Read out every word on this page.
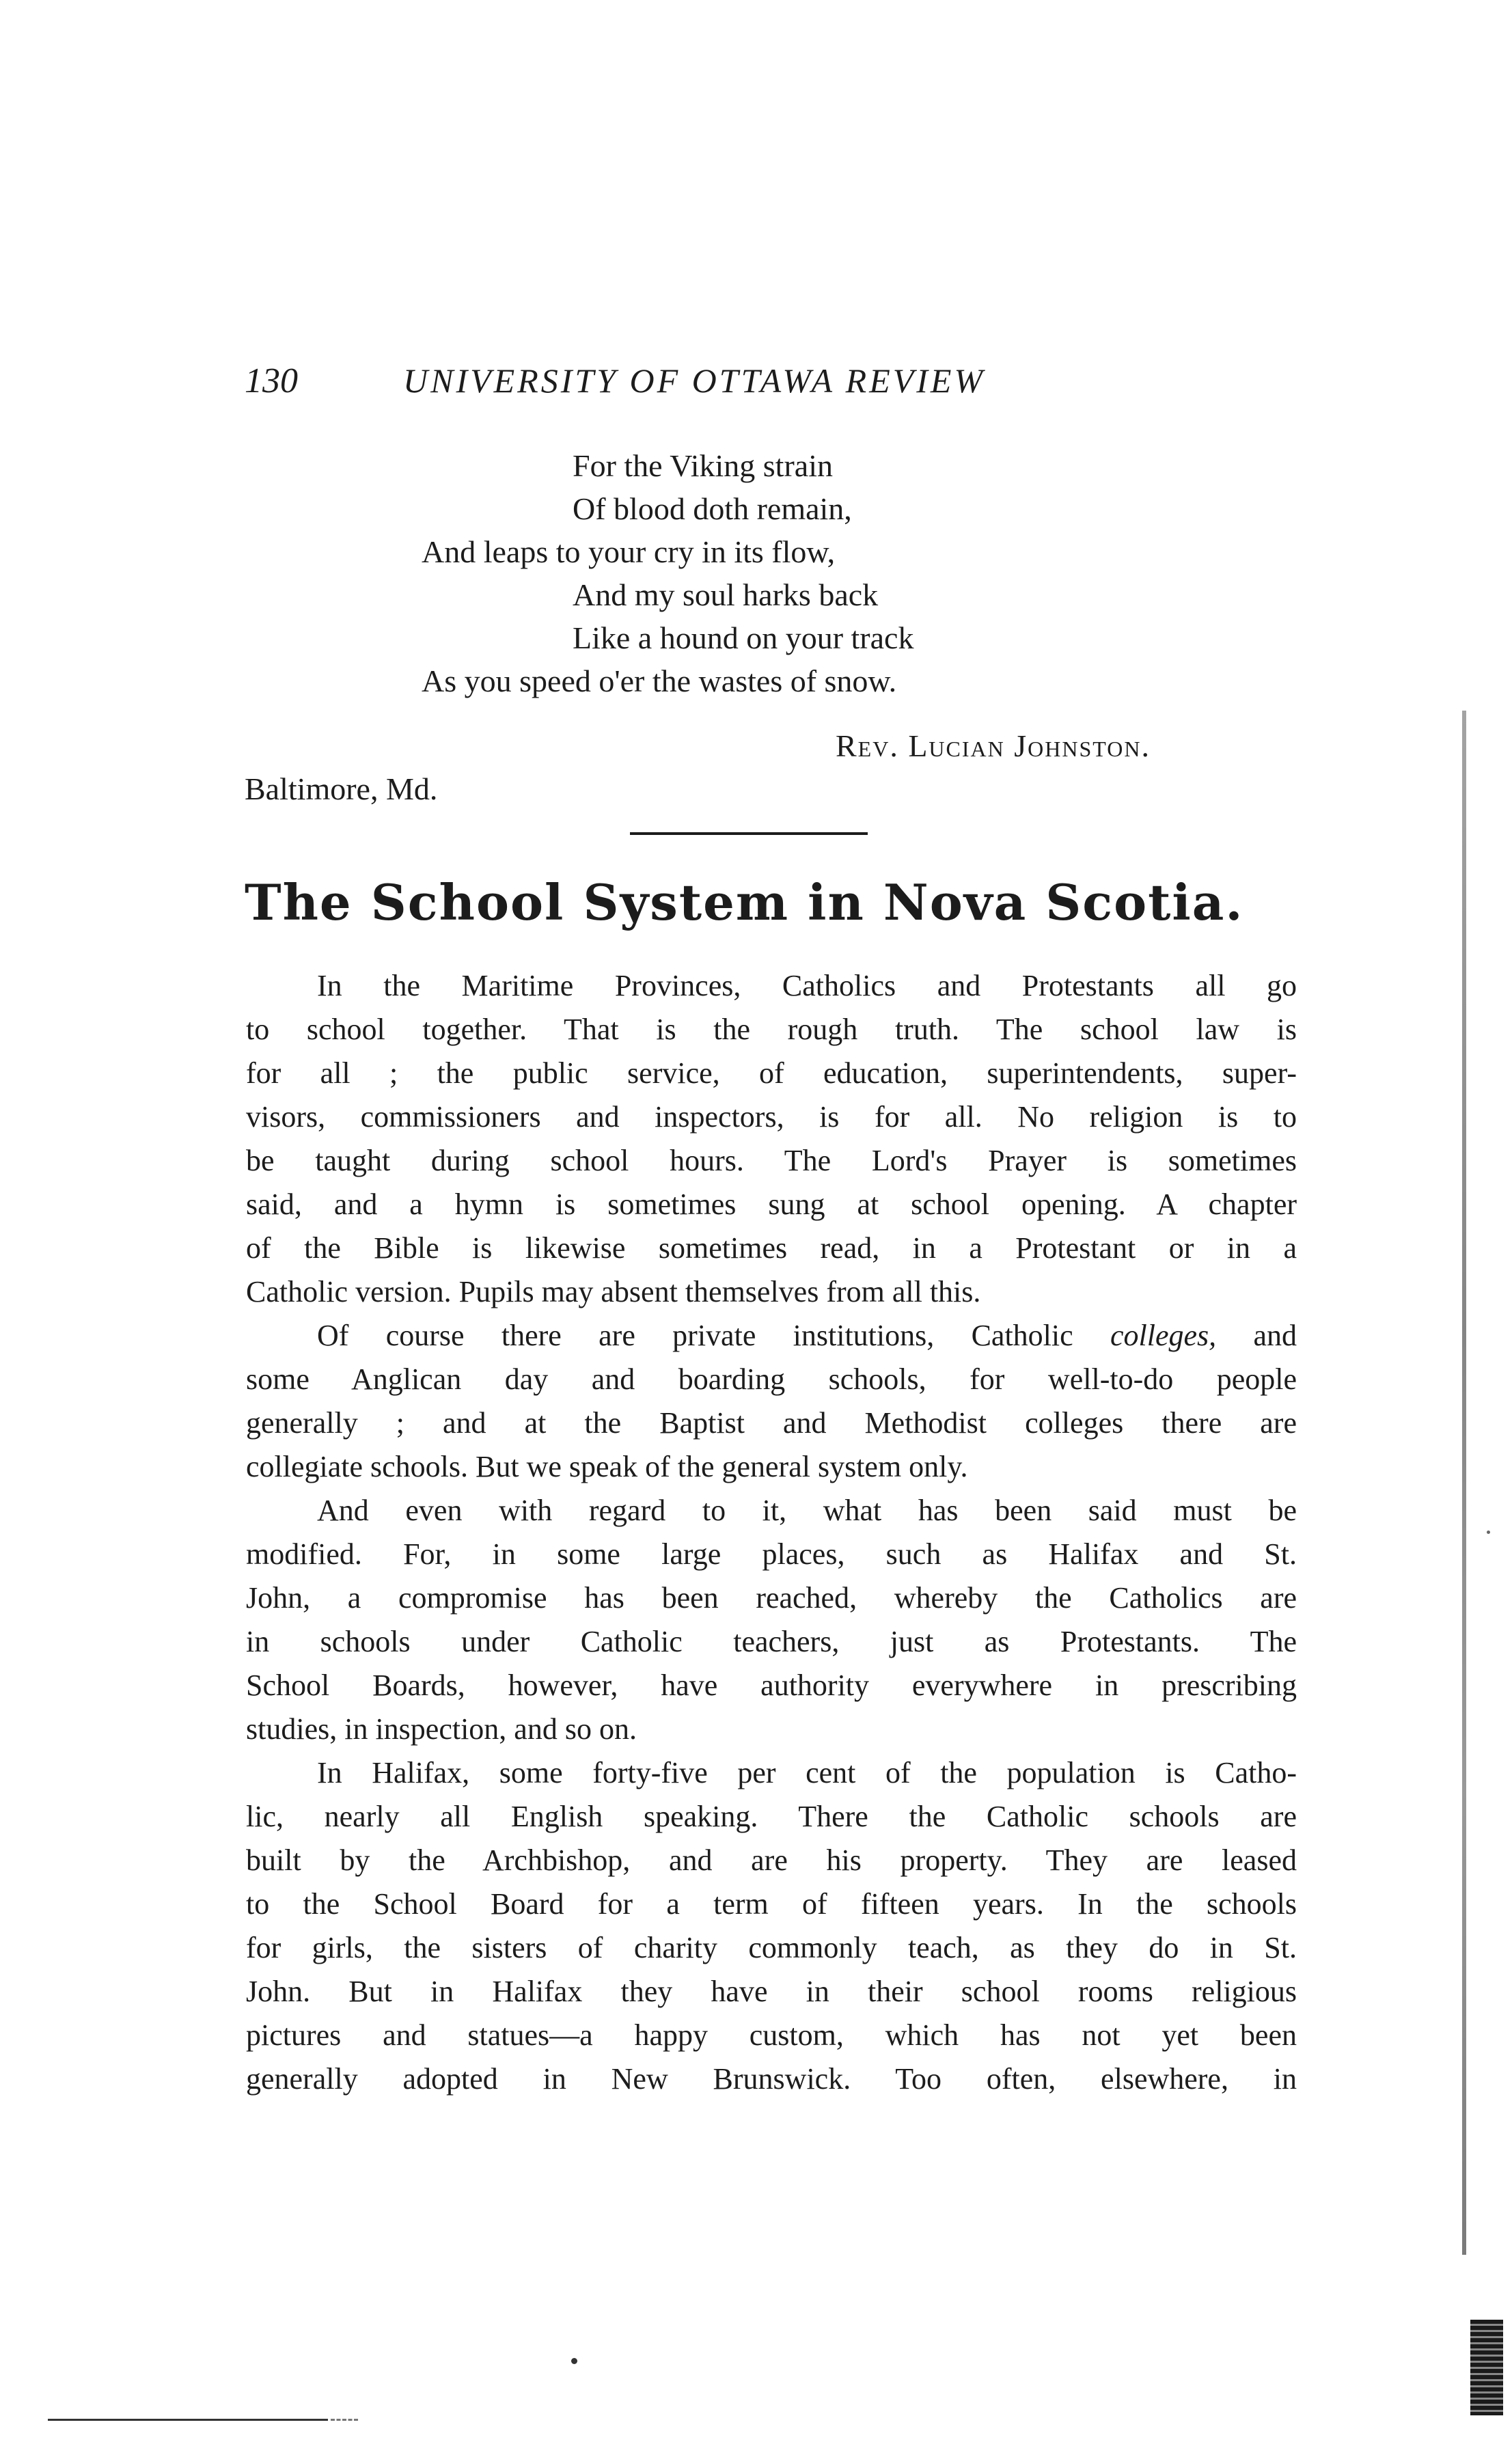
130	UNIVERSITY OF OTTAWA REVIEW
For the Viking strain
Of blood doth remain,
And leaps to your cry in its flow,
And my soul harks back
Like a hound on your track
As you speed o'er the wastes of snow.
Rev. Lucian Johnston.
Baltimore, Md.
The School System in Nova Scotia.
In the Maritime Provinces, Catholics and Protestants all go
to school together. That is the rough truth. The school law is
for all ; the public service, of education, superintendents, super-
visors, commissioners and inspectors, is for all. No religion is to
be taught during school hours. The Lord's Prayer is sometimes
said, and a hymn is sometimes sung at school opening. A chapter
of the Bible is likewise sometimes read, in a Protestant or in a
Catholic version. Pupils may absent themselves from all this.
Of course there are private institutions, Catholic colleges, and
some Anglican day and boarding schools, for well-to-do people
generally ; and at the Baptist and Methodist colleges there are
collegiate schools. But we speak of the general system only.
And even with regard to it, what has been said must be
modified. For, in some large places, such as Halifax and St.
John, a compromise has been reached, whereby the Catholics are
in schools under Catholic teachers, just as Protestants. The
School Boards, however, have authority everywhere in prescribing
studies, in inspection, and so on.
In Halifax, some forty-five per cent of the population is Catho-
lic, nearly all English speaking. There the Catholic schools are
built by the Archbishop, and are his property. They are leased
to the School Board for a term of fifteen years. In the schools
for girls, the sisters of charity commonly teach, as they do in St.
John. But in Halifax they have in their school rooms religious
pictures and statues—a happy custom, which has not yet been
generally adopted in New Brunswick. Too often, elsewhere, in
